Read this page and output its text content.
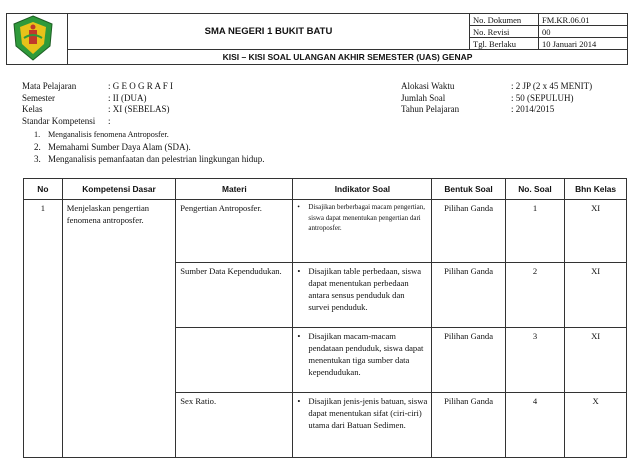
	SMA NEGERI 1 BUKIT BATU	No. Dokumen	FM.KR.06.01
		No. Revisi	00
		Tgl. Berlaku	10 Januari 2014
	KISI – KISI SOAL ULANGAN AKHIR SEMESTER (UAS) GENAP		
Mata Pelajaran	: G E O G R A F I
Semester	: II (DUA)
Kelas	: XI (SEBELAS)
Standar Kompetensi :
Alokasi Waktu	: 2 JP (2 x 45 MENIT)
Jumlah Soal	: 50 (SEPULUH)
Tahun Pelajaran	: 2014/2015
1. Menganalisis fenomena Antroposfer.
2. Memahami Sumber Daya Alam (SDA).
3. Menganalisis pemanfaatan dan pelestrian lingkungan hidup.
No	Kompetensi Dasar	Materi	Indikator Soal	Bentuk Soal	No. Soal	Bhn Kelas
1	Menjelaskan pengertian fenomena antroposfer.	Pengertian Antroposfer.	• Disajikan berberbagai macam pengertian, siswa dapat menentukan pengertian dari antroposfer.	Pilihan Ganda	1	XI
		Sumber Data Kependudukan.	• Disajikan table perbedaan, siswa dapat menentukan perbedaan antara sensus penduduk dan survei penduduk.	Pilihan Ganda	2	XI

			• Disajikan macam-macam pendataan penduduk, siswa dapat menentukan tiga sumber data kependudukan.	Pilihan Ganda	3	XI
		Sex Ratio.	• Disajikan jenis-jenis batuan, siswa dapat menentukan sifat (ciri-ciri) utama dari Batuan Sedimen.	Pilihan Ganda	4	X
